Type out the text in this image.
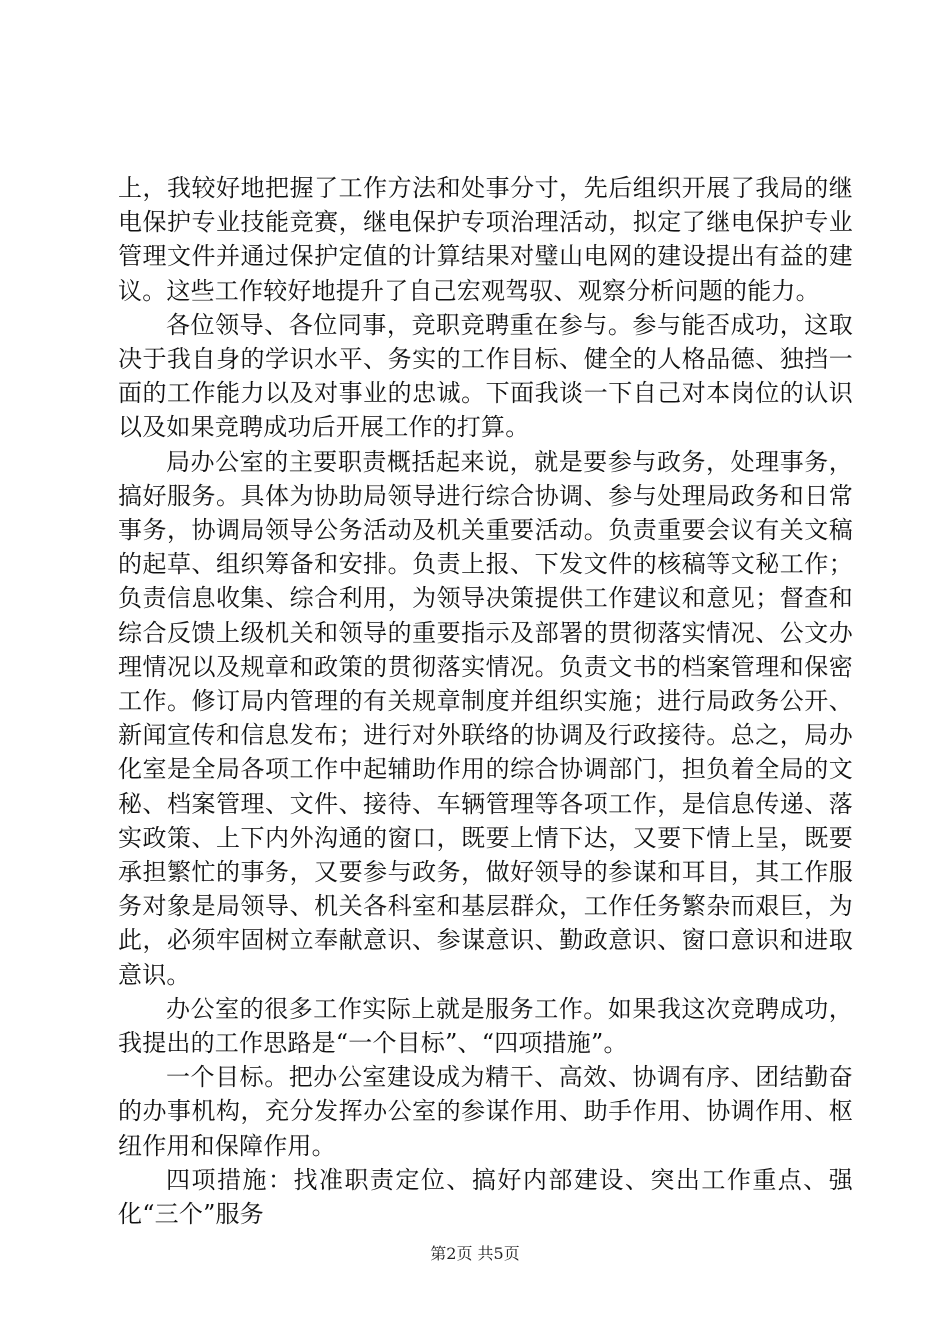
上，我较好地把握了工作方法和处事分寸，先后组织开展了我局的继电保护专业技能竞赛，继电保护专项治理活动，拟定了继电保护专业管理文件并通过保护定值的计算结果对璧山电网的建设提出有益的建议。这些工作较好地提升了自己宏观驾驭、观察分析问题的能力。

各位领导、各位同事，竞职竞聘重在参与。参与能否成功，这取决于我自身的学识水平、务实的工作目标、健全的人格品德、独挡一面的工作能力以及对事业的忠诚。下面我谈一下自己对本岗位的认识以及如果竞聘成功后开展工作的打算。

局办公室的主要职责概括起来说，就是要参与政务，处理事务，搞好服务。具体为协助局领导进行综合协调、参与处理局政务和日常事务，协调局领导公务活动及机关重要活动。负责重要会议有关文稿的起草、组织筹备和安排。负责上报、下发文件的核稿等文秘工作；负责信息收集、综合利用，为领导决策提供工作建议和意见；督查和综合反馈上级机关和领导的重要指示及部署的贯彻落实情况、公文办理情况以及规章和政策的贯彻落实情况。负责文书的档案管理和保密工作。修订局内管理的有关规章制度并组织实施；进行局政务公开、新闻宣传和信息发布；进行对外联络的协调及行政接待。总之，局办化室是全局各项工作中起辅助作用的综合协调部门，担负着全局的文秘、档案管理、文件、接待、车辆管理等各项工作，是信息传递、落实政策、上下内外沟通的窗口，既要上情下达，又要下情上呈，既要承担繁忙的事务，又要参与政务，做好领导的参谋和耳目，其工作服务对象是局领导、机关各科室和基层群众，工作任务繁杂而艰巨，为此，必须牢固树立奉献意识、参谋意识、勤政意识、窗口意识和进取意识。

办公室的很多工作实际上就是服务工作。如果我这次竞聘成功，我提出的工作思路是“一个目标”、“四项措施”。

一个目标。把办公室建设成为精干、高效、协调有序、团结勤奋的办事机构，充分发挥办公室的参谋作用、助手作用、协调作用、枢纽作用和保障作用。

四项措施：找准职责定位、搞好内部建设、突出工作重点、强化“三个”服务

第2页 共5页
